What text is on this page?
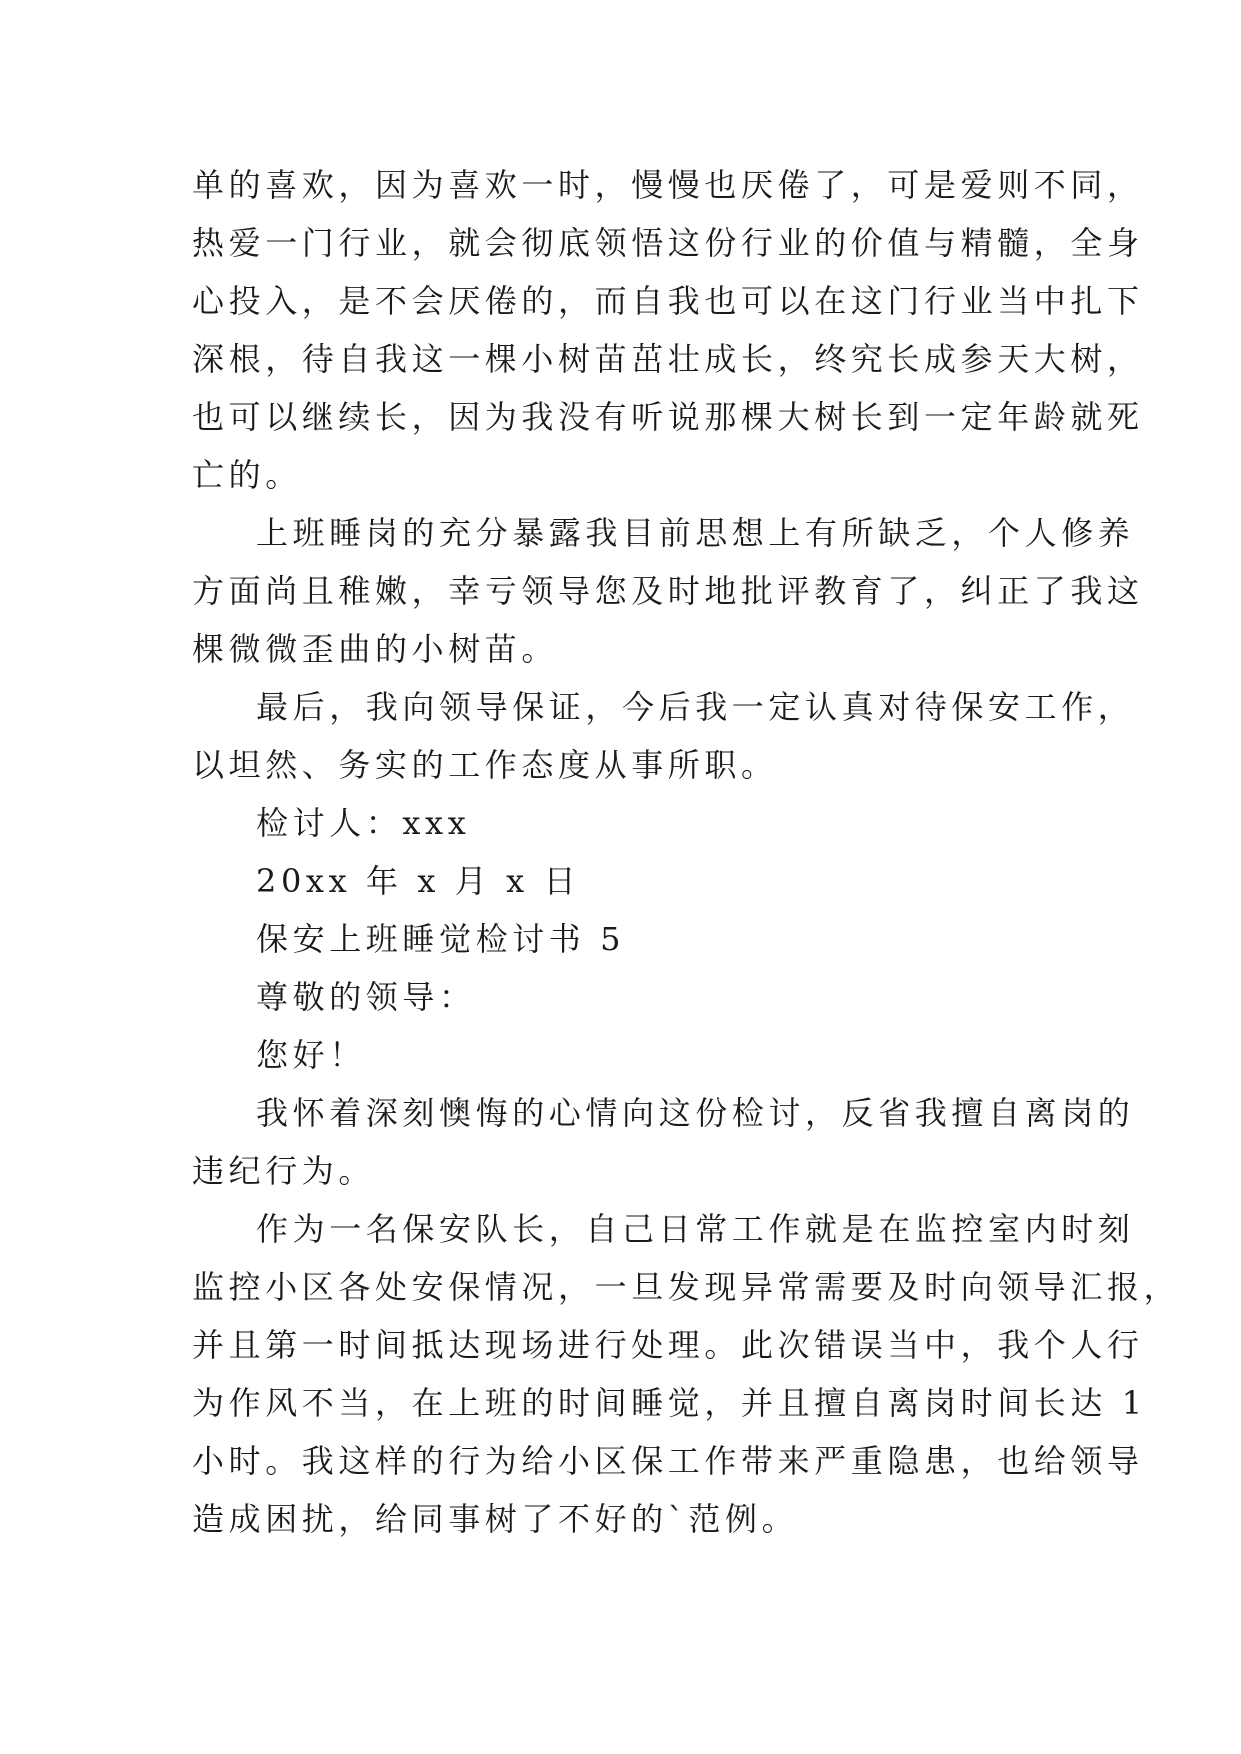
单的喜欢，因为喜欢一时，慢慢也厌倦了，可是爱则不同，
热爱一门行业，就会彻底领悟这份行业的价值与精髓，全身
心投入，是不会厌倦的，而自我也可以在这门行业当中扎下
深根，待自我这一棵小树苗茁壮成长，终究长成参天大树，
也可以继续长，因为我没有听说那棵大树长到一定年龄就死
亡的。
上班睡岗的充分暴露我目前思想上有所缺乏，个人修养
方面尚且稚嫩，幸亏领导您及时地批评教育了，纠正了我这
棵微微歪曲的小树苗。
最后，我向领导保证，今后我一定认真对待保安工作，
以坦然、务实的工作态度从事所职。
检讨人：xxx
20xx 年 x 月 x 日
保安上班睡觉检讨书 5
尊敬的领导：
您好！
我怀着深刻懊悔的心情向这份检讨，反省我擅自离岗的
违纪行为。
作为一名保安队长，自己日常工作就是在监控室内时刻
监控小区各处安保情况，一旦发现异常需要及时向领导汇报，
并且第一时间抵达现场进行处理。此次错误当中，我个人行
为作风不当，在上班的时间睡觉，并且擅自离岗时间长达 1
小时。我这样的行为给小区保工作带来严重隐患，也给领导
造成困扰，给同事树了不好的`范例。
